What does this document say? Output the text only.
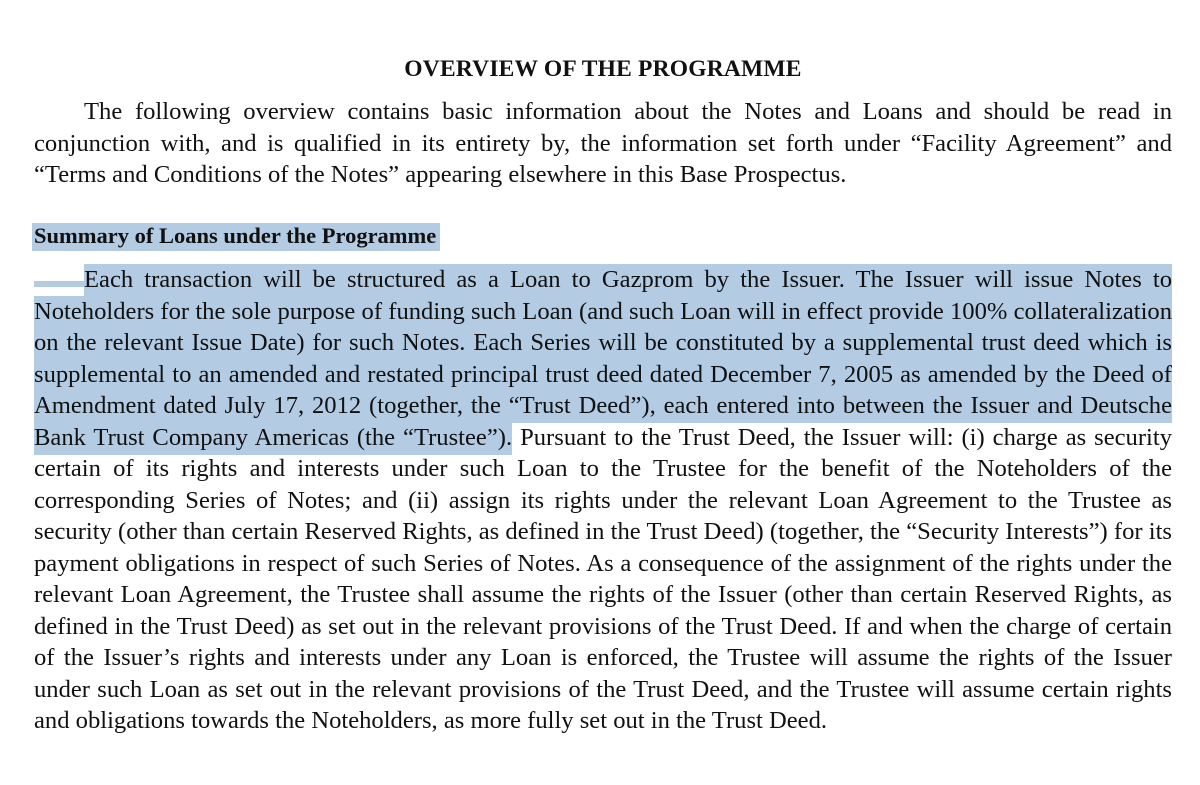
OVERVIEW OF THE PROGRAMME

The following overview contains basic information about the Notes and Loans and should be read in conjunction with, and is qualified in its entirety by, the information set forth under “Facility Agreement” and “Terms and Conditions of the Notes” appearing elsewhere in this Base Prospectus.

Summary of Loans under the Programme

Each transaction will be structured as a Loan to Gazprom by the Issuer. The Issuer will issue Notes to Noteholders for the sole purpose of funding such Loan (and such Loan will in effect provide 100% collateralization on the relevant Issue Date) for such Notes. Each Series will be constituted by a supplemental trust deed which is supplemental to an amended and restated principal trust deed dated December 7, 2005 as amended by the Deed of Amendment dated July 17, 2012 (together, the “Trust Deed”), each entered into between the Issuer and Deutsche Bank Trust Company Americas (the “Trustee”). Pursuant to the Trust Deed, the Issuer will: (i) charge as security certain of its rights and interests under such Loan to the Trustee for the benefit of the Noteholders of the corresponding Series of Notes; and (ii) assign its rights under the relevant Loan Agreement to the Trustee as security (other than certain Reserved Rights, as defined in the Trust Deed) (together, the “Security Interests”) for its payment obligations in respect of such Series of Notes. As a consequence of the assignment of the rights under the relevant Loan Agreement, the Trustee shall assume the rights of the Issuer (other than certain Reserved Rights, as defined in the Trust Deed) as set out in the relevant provisions of the Trust Deed. If and when the charge of certain of the Issuer’s rights and interests under any Loan is enforced, the Trustee will assume the rights of the Issuer under such Loan as set out in the relevant provisions of the Trust Deed, and the Trustee will assume certain rights and obligations towards the Noteholders, as more fully set out in the Trust Deed.
